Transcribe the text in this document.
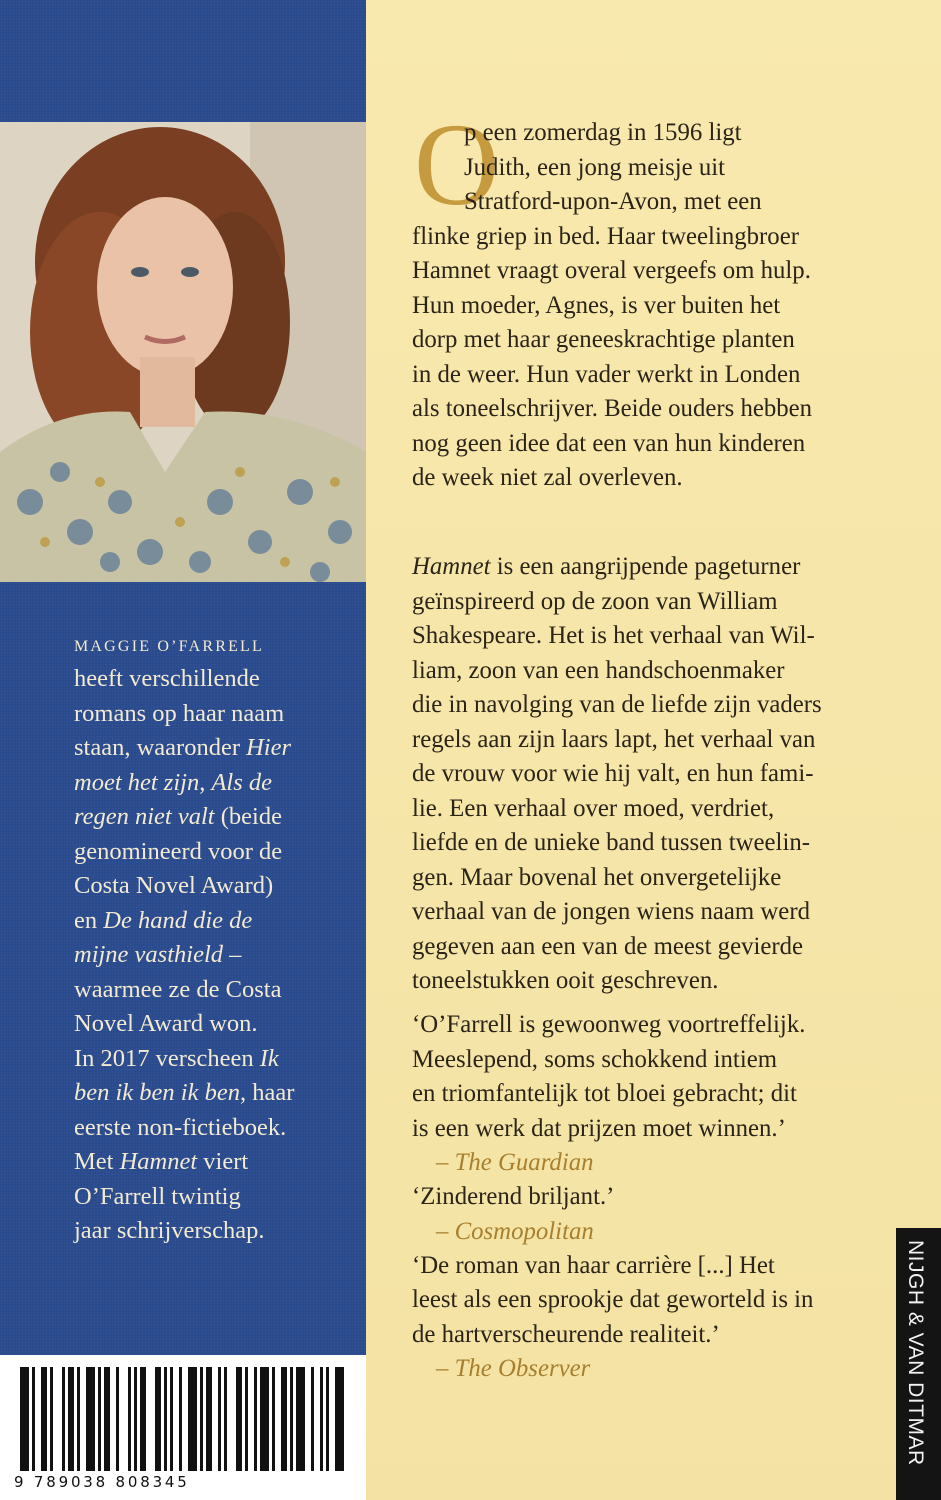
MAGGIE O’FARRELL
heeft verschillende
romans op haar naam
staan, waaronder Hier
moet het zijn, Als de
regen niet valt (beide
genomineerd voor de
Costa Novel Award)
en De hand die de
mijne vasthield –
waarmee ze de Costa
Novel Award won.
In 2017 verscheen Ik
ben ik ben ik ben, haar
eerste non-fictieboek.
Met Hamnet viert
O’Farrell twintig
jaar schrijverschap.
9 789038 808345
O
p een zomerdag in 1596 ligt
Judith, een jong meisje uit
Stratford-upon-Avon, met een
flinke griep in bed. Haar tweelingbroer
Hamnet vraagt overal vergeefs om hulp.
Hun moeder, Agnes, is ver buiten het
dorp met haar geneeskrachtige planten
in de weer. Hun vader werkt in Londen
als toneelschrijver. Beide ouders hebben
nog geen idee dat een van hun kinderen
de week niet zal overleven.
Hamnet is een aangrijpende pageturner
geïnspireerd op de zoon van William
Shakespeare. Het is het verhaal van Wil-
liam, zoon van een handschoenmaker
die in navolging van de liefde zijn vaders
regels aan zijn laars lapt, het verhaal van
de vrouw voor wie hij valt, en hun fami-
lie. Een verhaal over moed, verdriet,
liefde en de unieke band tussen tweelin-
gen. Maar bovenal het onvergetelijke
verhaal van de jongen wiens naam werd
gegeven aan een van de meest gevierde
toneelstukken ooit geschreven.
‘O’Farrell is gewoonweg voortreffelijk.
Meeslepend, soms schokkend intiem
en triomfantelijk tot bloei gebracht; dit
is een werk dat prijzen moet winnen.’
– The Guardian
‘Zinderend briljant.’
– Cosmopolitan
‘De roman van haar carrière [...] Het
leest als een sprookje dat geworteld is in
de hartverscheurende realiteit.’
– The Observer	NIJGH & VAN DITMAR
